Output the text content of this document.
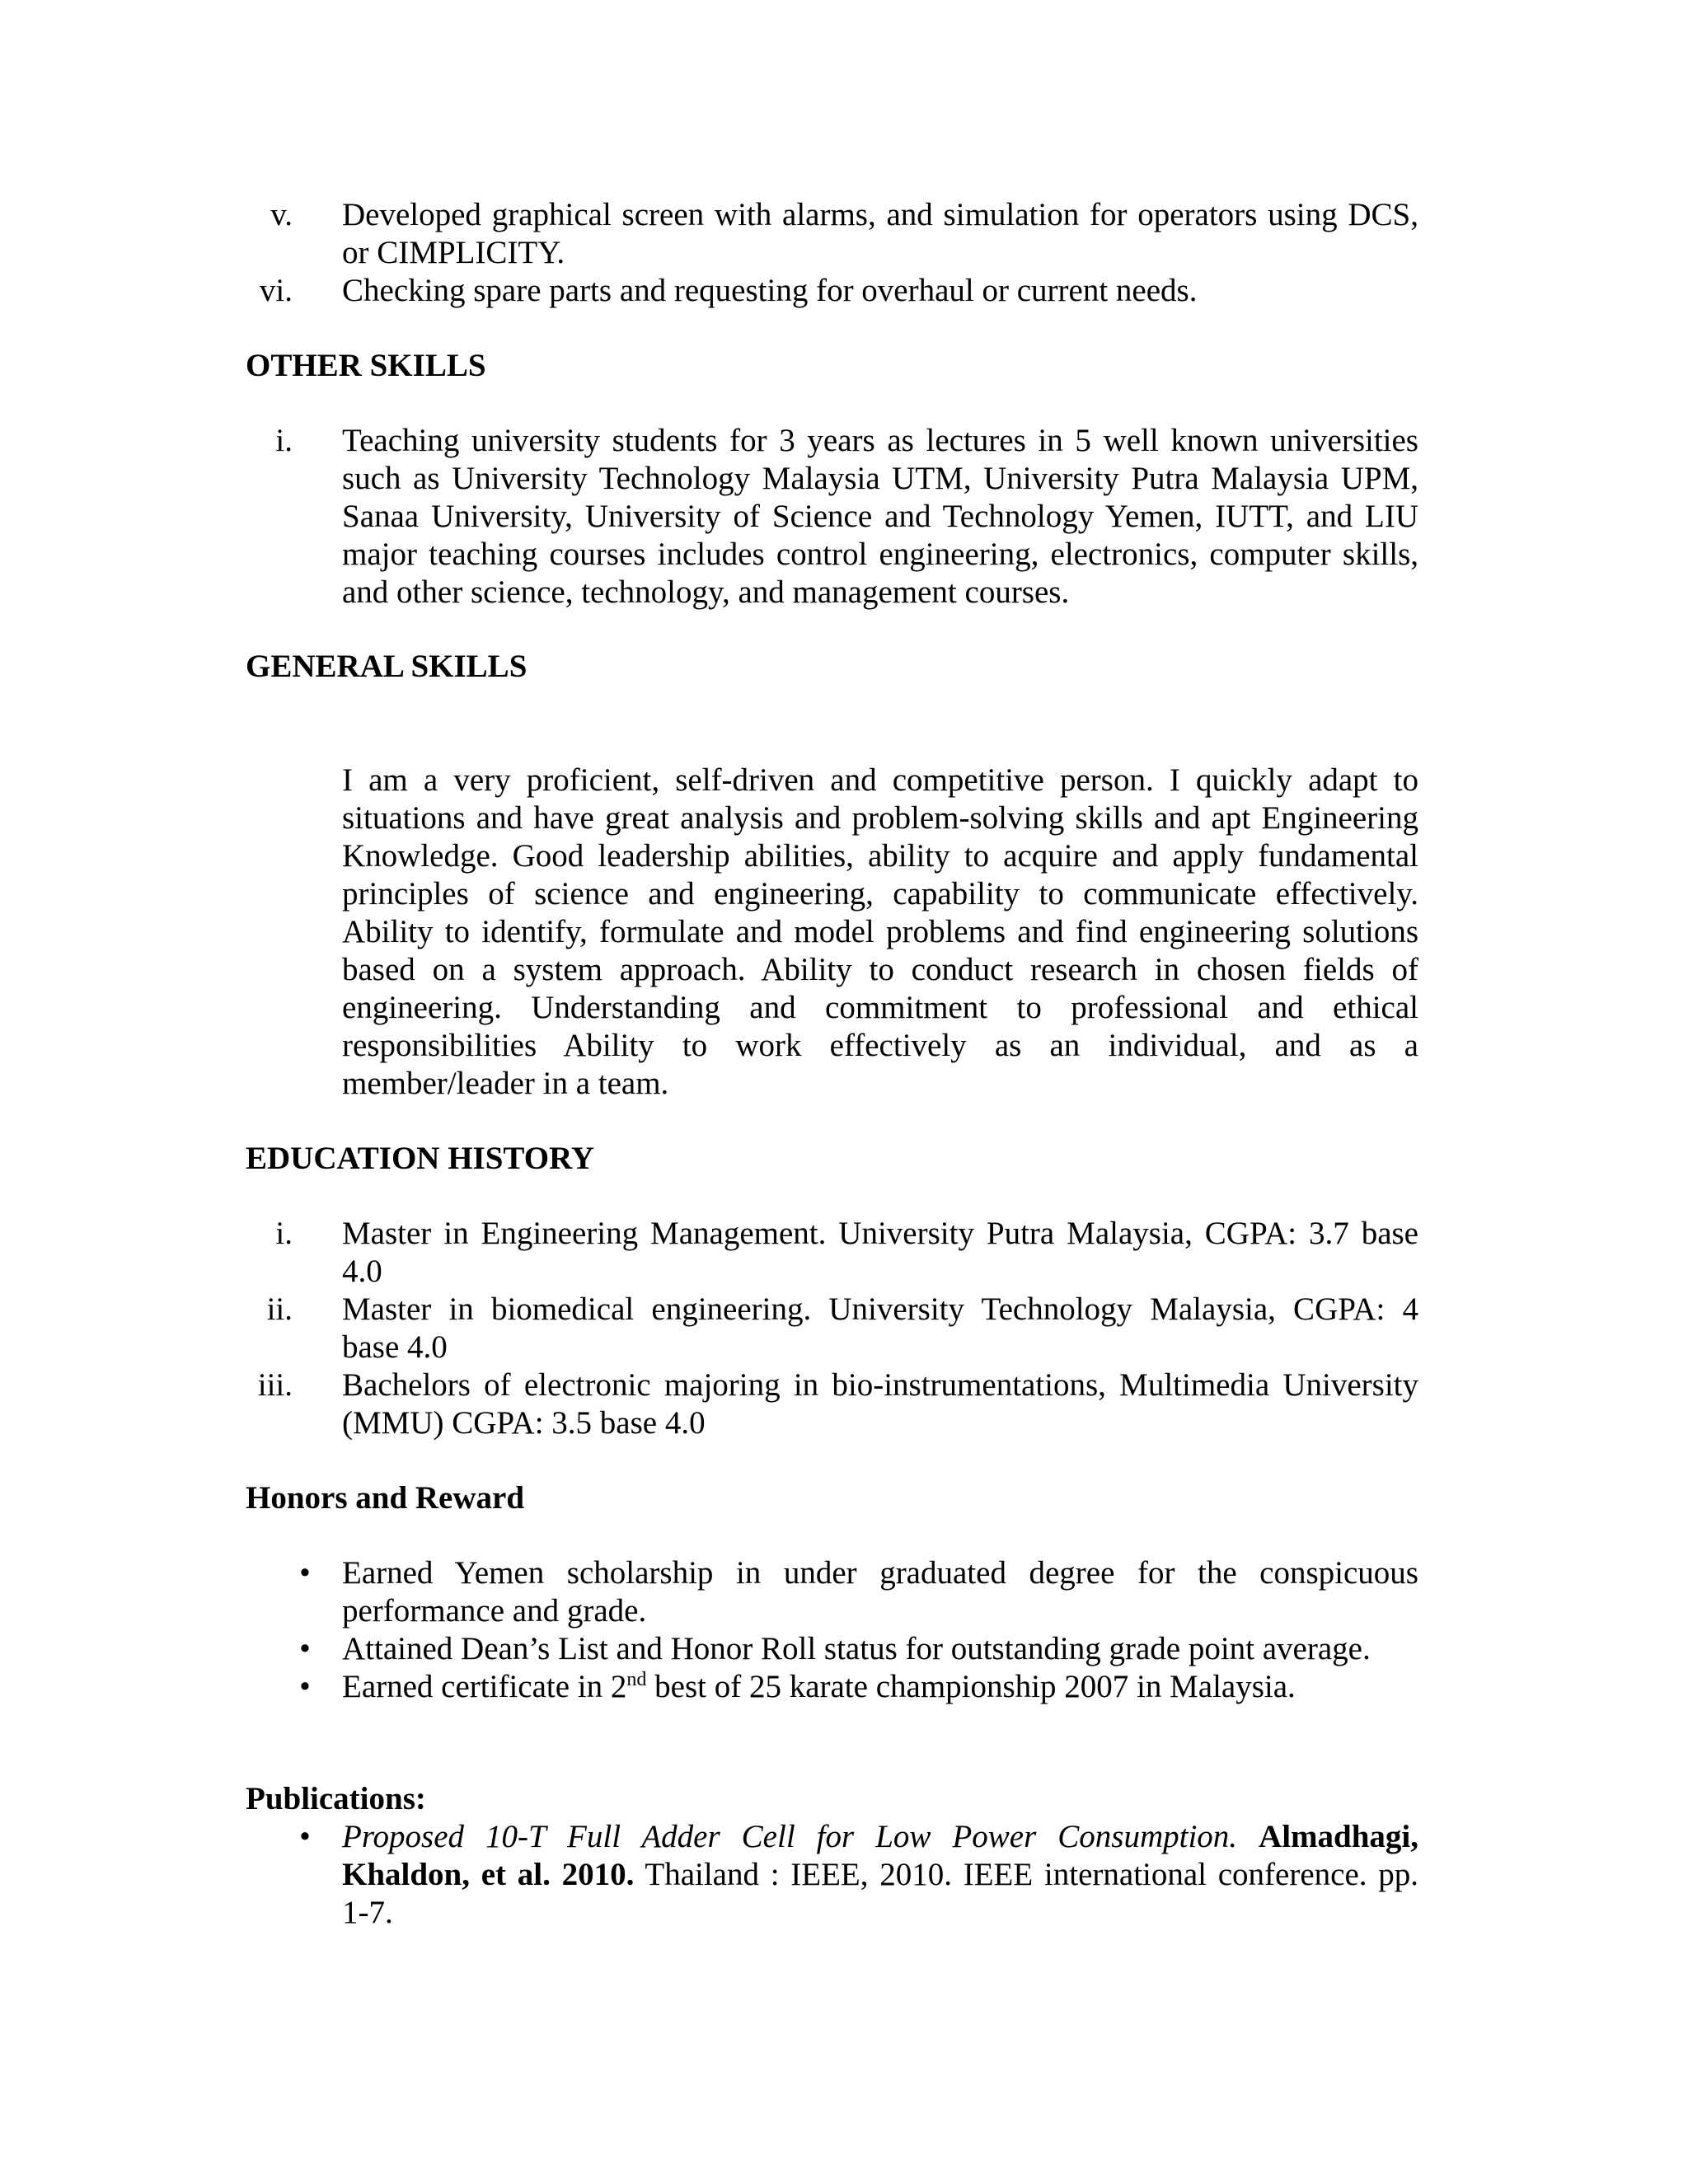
v. Developed graphical screen with alarms, and simulation for operators using DCS,
or CIMPLICITY.
vi. Checking spare parts and requesting for overhaul or current needs.
OTHER SKILLS
i. Teaching university students for 3 years as lectures in 5 well known universities
such as University Technology Malaysia UTM, University Putra Malaysia UPM,
Sanaa University, University of Science and Technology Yemen, IUTT, and LIU
major teaching courses includes control engineering, electronics, computer skills,
and other science, technology, and management courses.
GENERAL SKILLS
I am a very proficient, self-driven and competitive person. I quickly adapt to
situations and have great analysis and problem-solving skills and apt Engineering
Knowledge. Good leadership abilities, ability to acquire and apply fundamental
principles of science and engineering, capability to communicate effectively.
Ability to identify, formulate and model problems and find engineering solutions
based on a system approach. Ability to conduct research in chosen fields of
engineering. Understanding and commitment to professional and ethical
responsibilities Ability to work effectively as an individual, and as a
member/leader in a team.
EDUCATION HISTORY
i. Master in Engineering Management. University Putra Malaysia, CGPA: 3.7 base
4.0
ii. Master in biomedical engineering. University Technology Malaysia, CGPA: 4
base 4.0
iii. Bachelors of electronic majoring in bio-instrumentations, Multimedia University
(MMU) CGPA: 3.5 base 4.0
Honors and Reward
• Earned Yemen scholarship in under graduated degree for the conspicuous
performance and grade.
• Attained Dean’s List and Honor Roll status for outstanding grade point average.
• Earned certificate in 2nd best of 25 karate championship 2007 in Malaysia.
Publications:
• Proposed 10-T Full Adder Cell for Low Power Consumption. Almadhagi,
Khaldon, et al. 2010. Thailand : IEEE, 2010. IEEE international conference. pp.
1-7.
